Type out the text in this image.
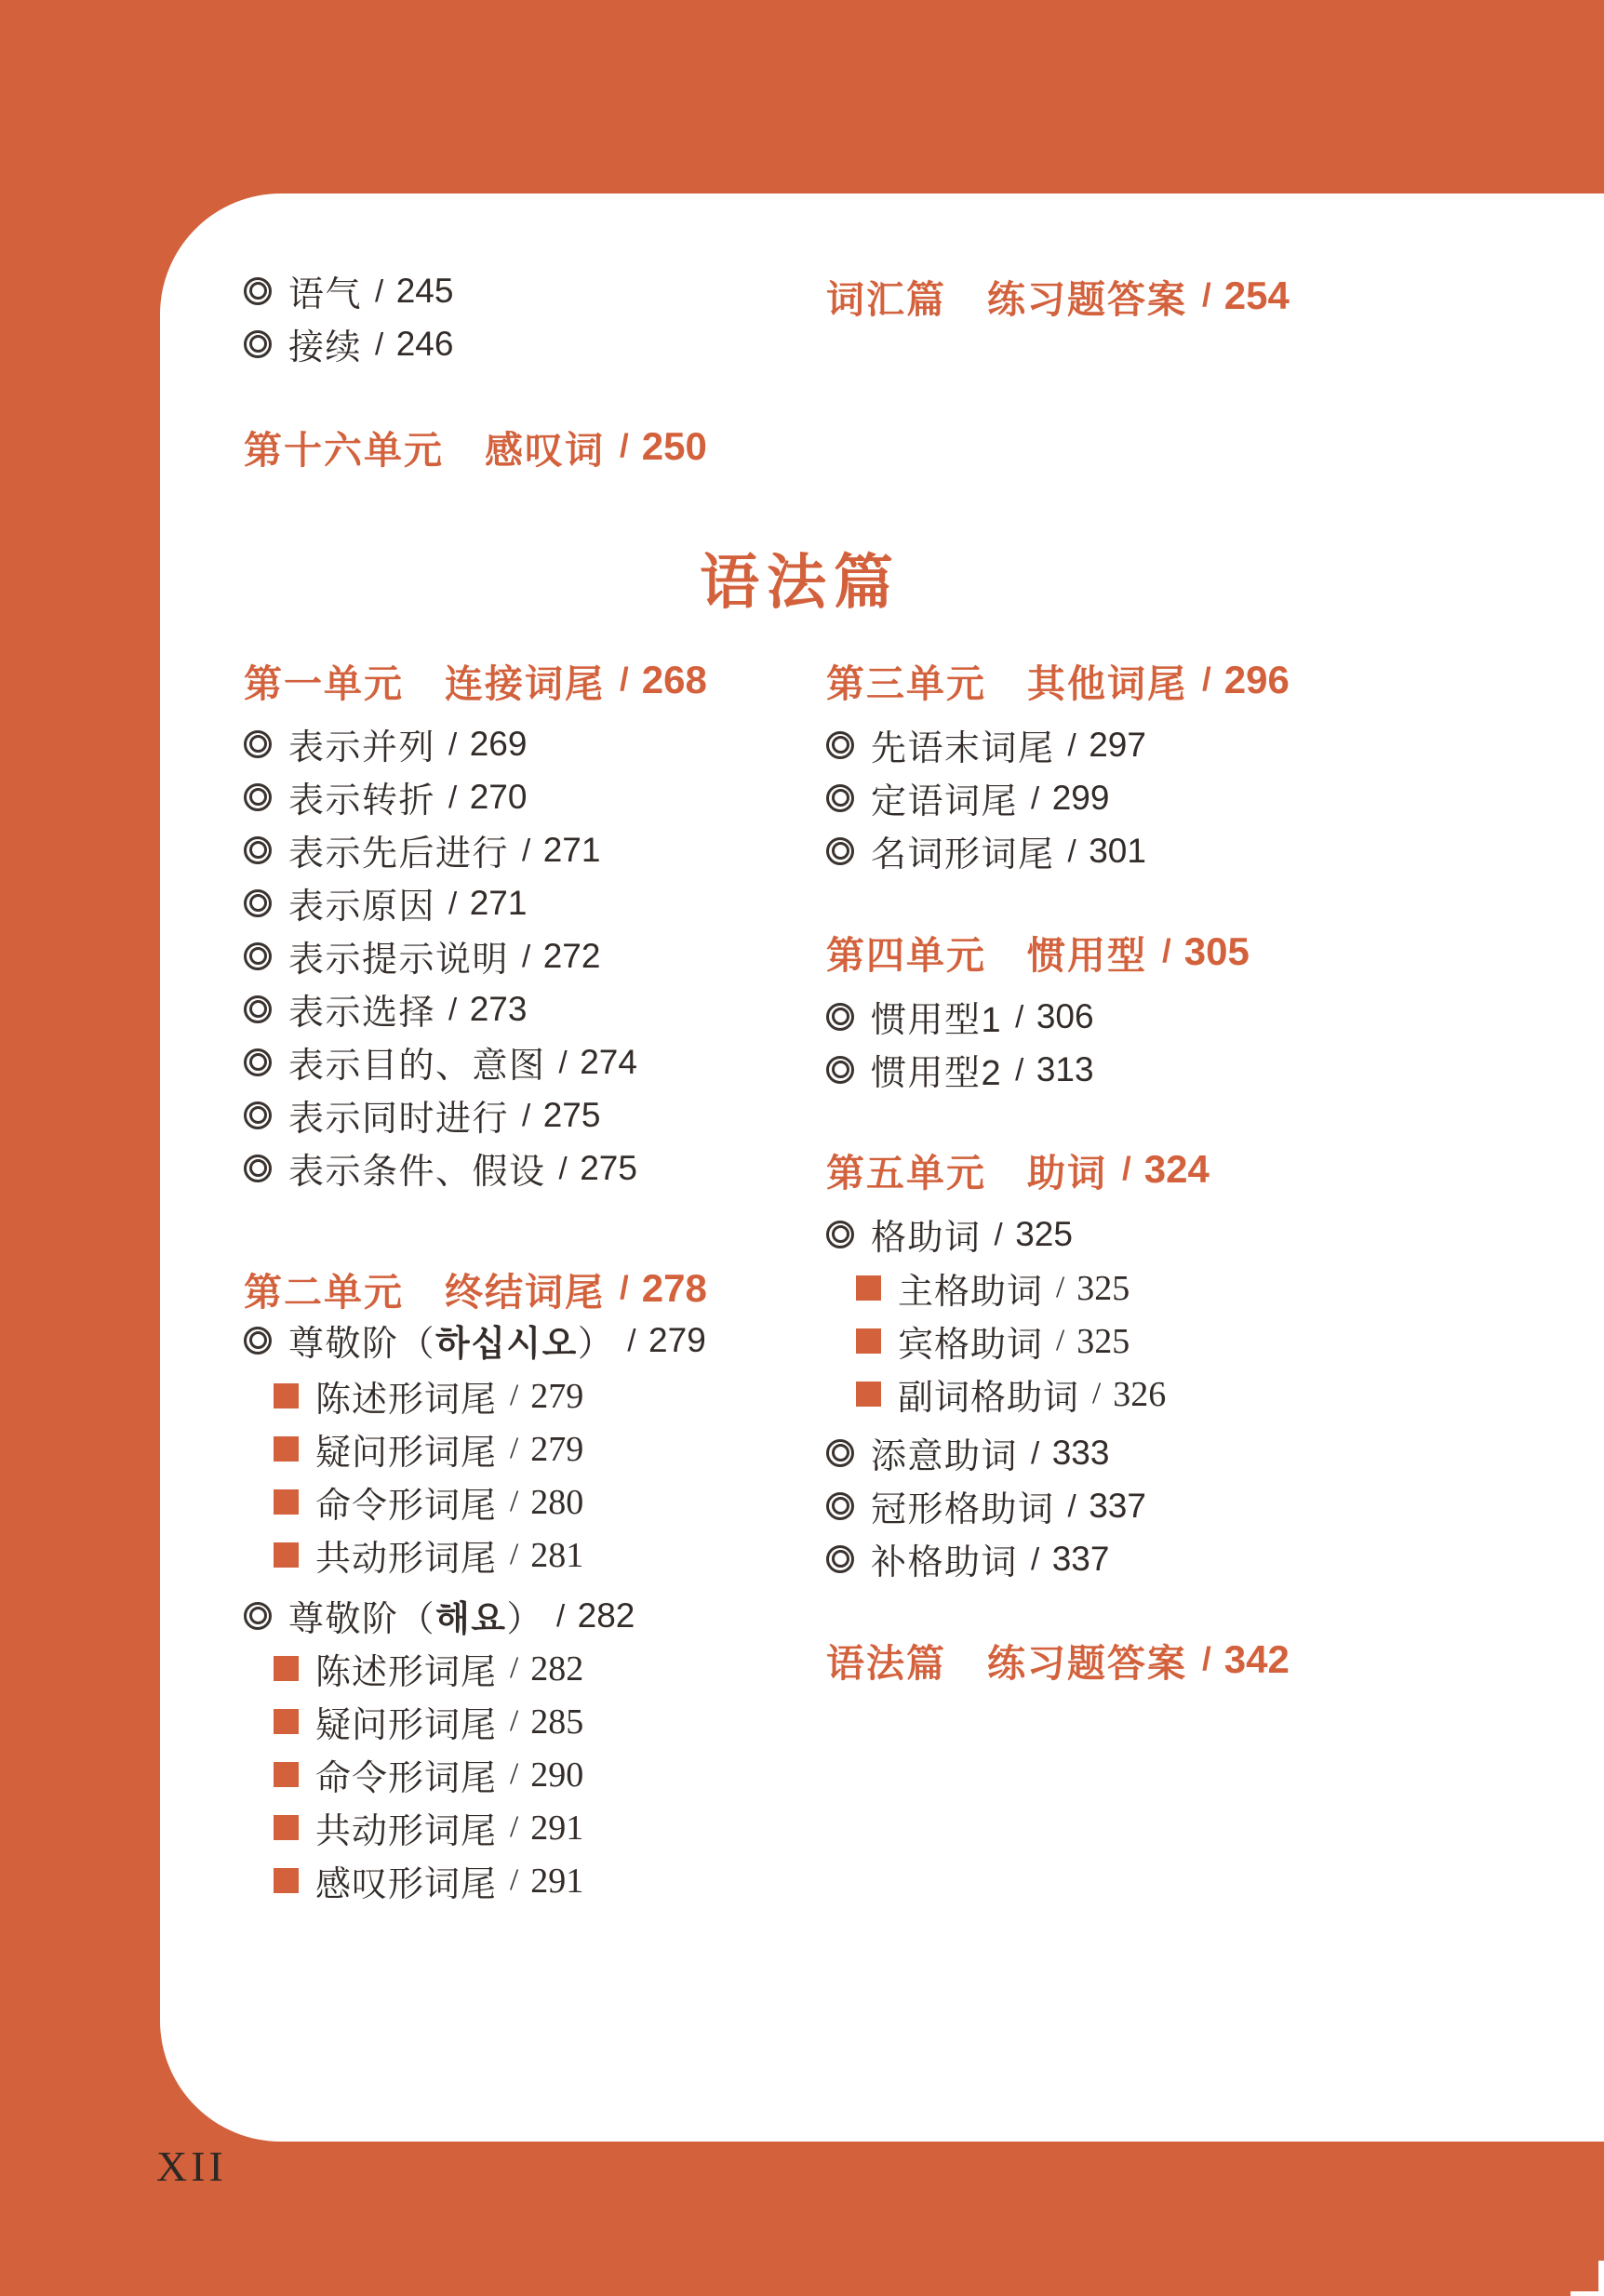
语气 / 245
接续 / 246
词汇篇 练习题答案 / 254
第十六单元 感叹词 / 250
语法篇
第一单元 连接词尾 / 268
表示并列 / 269
表示转折 / 270
表示先后进行 / 271
表示原因 / 271
表示提示说明 / 272
表示选择 / 273
表示目的、意图 / 274
表示同时进行 / 275
表示条件、假设 / 275
第二单元 终结词尾 / 278
尊敬阶（ 하십시오 ） / 279
陈述形词尾 / 279
疑问形词尾 / 279
命令形词尾 / 280
共动形词尾 / 281
尊敬阶（ 해요 ） / 282
陈述形词尾 / 282
疑问形词尾 / 285
命令形词尾 / 290
共动形词尾 / 291
感叹形词尾 / 291
第三单元 其他词尾 / 296
先语末词尾 / 297
定语词尾 / 299
名词形词尾 / 301
第四单元 惯用型 / 305
惯用型1 / 306
惯用型2 / 313
第五单元 助词 / 324
格助词 / 325
主格助词 / 325
宾格助词 / 325
副词格助词 / 326
添意助词 / 333
冠形格助词 / 337
补格助词 / 337
语法篇 练习题答案 / 342
XII
